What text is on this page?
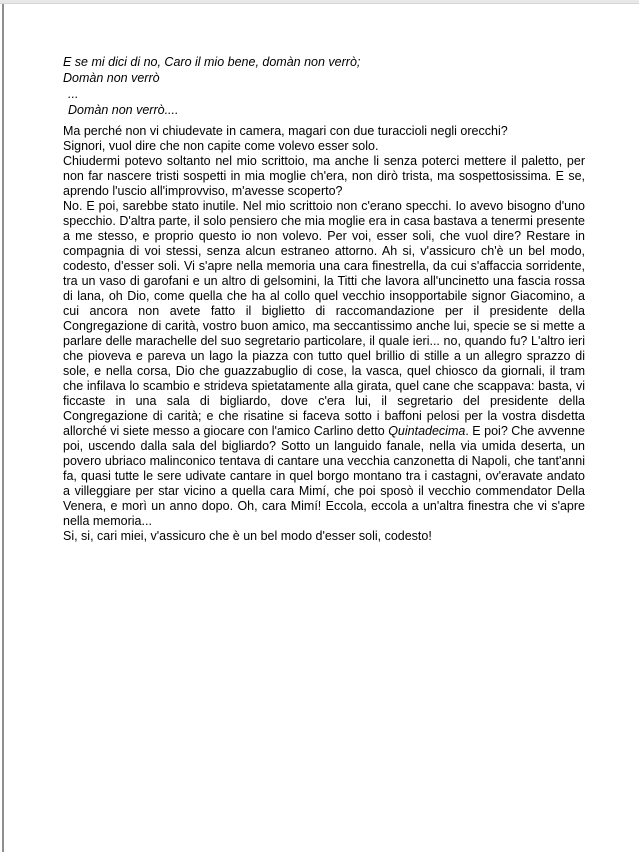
E se mi dici di no, Caro il mio bene, domàn non verrò;
Domàn non verrò
...
Domàn non verrò....

Ma perché non vi chiudevate in camera, magari con due turaccioli negli orecchi?

Signori, vuol dire che non capite come volevo esser solo.

Chiudermi potevo soltanto nel mio scrittoio, ma anche li senza poterci mettere il paletto, per non far nascere tristi sospetti in mia moglie ch'era, non dirò trista, ma sospettosissima. E se, aprendo l'uscio all'improvviso, m'avesse scoperto?

No. E poi, sarebbe stato inutile. Nel mio scrittoio non c'erano specchi. Io avevo bisogno d'uno specchio. D'altra parte, il solo pensiero che mia moglie era in casa bastava a tenermi presente a me stesso, e proprio questo io non volevo. Per voi, esser soli, che vuol dire? Restare in compagnia di voi stessi, senza alcun estraneo attorno. Ah si, v'assicuro ch'è un bel modo, codesto, d'esser soli. Vi s'apre nella memoria una cara finestrella, da cui s'affaccia sorridente, tra un vaso di garofani e un altro di gelsomini, la Titti che lavora all'uncinetto una fascia rossa di lana, oh Dio, come quella che ha al collo quel vecchio insopportabile signor Giacomino, a cui ancora non avete fatto il biglietto di raccomandazione per il presidente della Congregazione di carità, vostro buon amico, ma seccantissimo anche lui, specie se si mette a parlare delle marachelle del suo segretario particolare, il quale ieri... no, quando fu? L'altro ieri che pioveva e pareva un lago la piazza con tutto quel brillio di stille a un allegro sprazzo di sole, e nella corsa, Dio che guazzabuglio di cose, la vasca, quel chiosco da giornali, il tram che infilava lo scambio e strideva spietatamente alla girata, quel cane che scappava: basta, vi ficcaste in una sala di bigliardo, dove c'era lui, il segretario del presidente della Congregazione di carità; e che risatine si faceva sotto i baffoni pelosi per la vostra disdetta allorché vi siete messo a giocare con l'amico Carlino detto Quintadecima. E poi? Che avvenne poi, uscendo dalla sala del bigliardo? Sotto un languido fanale, nella via umida deserta, un povero ubriaco malinconico tentava di cantare una vecchia canzonetta di Napoli, che tant'anni fa, quasi tutte le sere udivate cantare in quel borgo montano tra i castagni, ov'eravate andato a villeggiare per star vicino a quella cara Mimí, che poi sposò il vecchio commendator Della Venera, e morì un anno dopo. Oh, cara Mimí! Eccola, eccola a un'altra finestra che vi s'apre nella memoria...

Si, si, cari miei, v'assicuro che è un bel modo d'esser soli, codesto!
